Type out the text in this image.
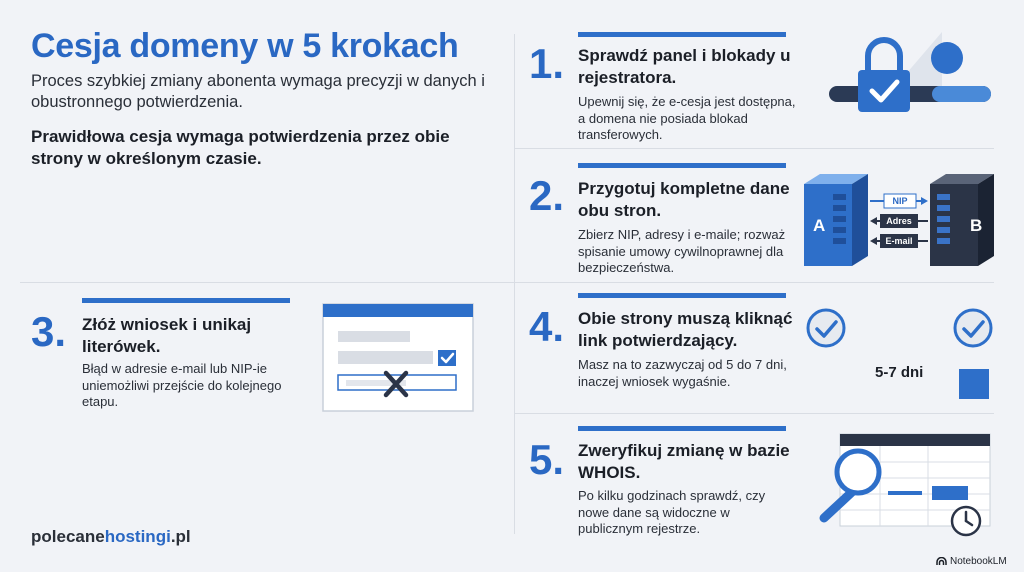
Cesja domeny w 5 krokach
Proces szybkiej zmiany abonenta wymaga precyzji w danych i obustronnego potwierdzenia.
Prawidłowa cesja wymaga potwierdzenia przez obie strony w określonym czasie.
1. Sprawdź panel i blokady u rejestratora.
Upewnij się, że e-cesja jest dostępna, a domena nie posiada blokad transferowych.
2. Przygotuj kompletne dane obu stron.
Zbierz NIP, adresy i e-maile; rozważ spisanie umowy cywilnoprawnej dla bezpieczeństwa.
A	B
NIP
Adres
E-mail
3. Złóż wniosek i unikaj literówek.
Błąd w adresie e-mail lub NIP-ie uniemożliwi przejście do kolejnego etapu.
4. Obie strony muszą kliknąć link potwierdzający.
Masz na to zazwyczaj od 5 do 7 dni, inaczej wniosek wygaśnie.	5-7 dni
5. Zweryfikuj zmianę w bazie WHOIS.
Po kilku godzinach sprawdź, czy nowe dane są widoczne w publicznym rejestrze.
polecanehostingi.pl
NotebookLM
